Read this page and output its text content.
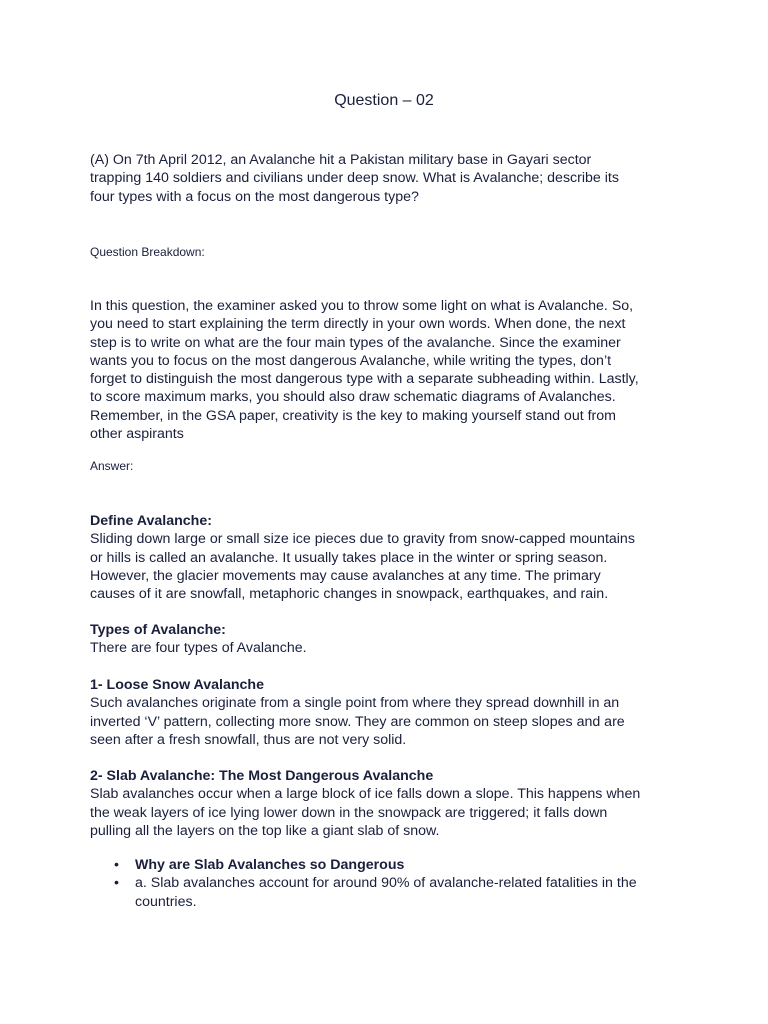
Question – 02
(A) On 7th April 2012, an Avalanche hit a Pakistan military base in Gayari sector
trapping 140 soldiers and civilians under deep snow. What is Avalanche; describe its
four types with a focus on the most dangerous type?
Question Breakdown:
In this question, the examiner asked you to throw some light on what is Avalanche. So,
you need to start explaining the term directly in your own words. When done, the next
step is to write on what are the four main types of the avalanche. Since the examiner
wants you to focus on the most dangerous Avalanche, while writing the types, don’t
forget to distinguish the most dangerous type with a separate subheading within. Lastly,
to score maximum marks, you should also draw schematic diagrams of Avalanches.
Remember, in the GSA paper, creativity is the key to making yourself stand out from
other aspirants
Answer:
Define Avalanche:
Sliding down large or small size ice pieces due to gravity from snow-capped mountains
or hills is called an avalanche. It usually takes place in the winter or spring season.
However, the glacier movements may cause avalanches at any time. The primary
causes of it are snowfall, metaphoric changes in snowpack, earthquakes, and rain.
Types of Avalanche:
There are four types of Avalanche.
1- Loose Snow Avalanche
Such avalanches originate from a single point from where they spread downhill in an
inverted ‘V’ pattern, collecting more snow. They are common on steep slopes and are
seen after a fresh snowfall, thus are not very solid.
2- Slab Avalanche: The Most Dangerous Avalanche
Slab avalanches occur when a large block of ice falls down a slope. This happens when
the weak layers of ice lying lower down in the snowpack are triggered; it falls down
pulling all the layers on the top like a giant slab of snow.
•	Why are Slab Avalanches so Dangerous
•	a. Slab avalanches account for around 90% of avalanche-related fatalities in the
countries.
